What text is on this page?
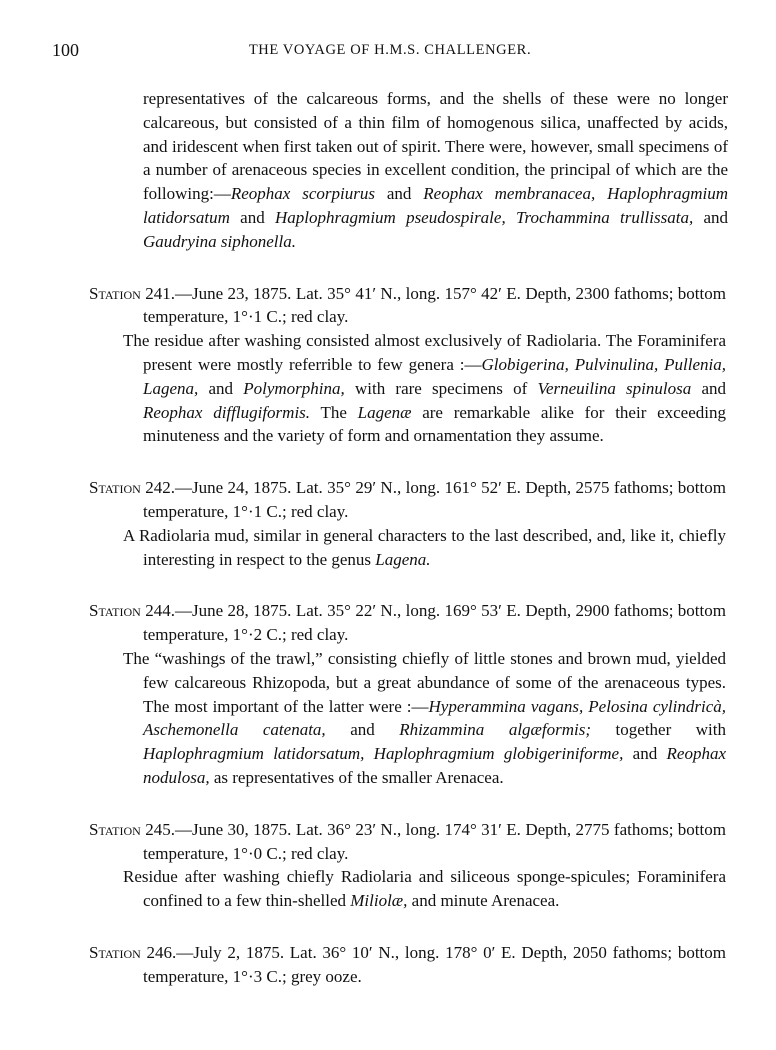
100	THE VOYAGE OF H.M.S. CHALLENGER.

representatives of the calcareous forms, and the shells of these were no longer calcareous, but consisted of a thin film of homogenous silica, unaffected by acids, and iridescent when first taken out of spirit. There were, however, small specimens of a number of arenaceous species in excellent condition, the principal of which are the following:—Reophax scorpiurus and Reophax membranacea, Haplophragmium latidorsatum and Haplophragmium pseudospirale, Trochammina trullissata, and Gaudryina siphonella.

Station 241.—June 23, 1875. Lat. 35° 41′ N., long. 157° 42′ E. Depth, 2300 fathoms; bottom temperature, 1°·1 C.; red clay.

The residue after washing consisted almost exclusively of Radiolaria. The Foraminifera present were mostly referrible to few genera :—Globigerina, Pulvinulina, Pullenia, Lagena, and Polymorphina, with rare specimens of Verneuilina spinulosa and Reophax difflugiformis. The Lagenæ are remarkable alike for their exceeding minuteness and the variety of form and ornamentation they assume.

Station 242.—June 24, 1875. Lat. 35° 29′ N., long. 161° 52′ E. Depth, 2575 fathoms; bottom temperature, 1°·1 C.; red clay.

A Radiolaria mud, similar in general characters to the last described, and, like it, chiefly interesting in respect to the genus Lagena.

Station 244.—June 28, 1875. Lat. 35° 22′ N., long. 169° 53′ E. Depth, 2900 fathoms; bottom temperature, 1°·2 C.; red clay.

The “washings of the trawl,” consisting chiefly of little stones and brown mud, yielded few calcareous Rhizopoda, but a great abundance of some of the arenaceous types. The most important of the latter were :—Hyperammina vagans, Pelosina cylindricà, Aschemonella catenata, and Rhizammina algæformis; together with Haplophragmium latidorsatum, Haplophragmium globigeriniforme, and Reophax nodulosa, as representatives of the smaller Arenacea.

Station 245.—June 30, 1875. Lat. 36° 23′ N., long. 174° 31′ E. Depth, 2775 fathoms; bottom temperature, 1°·0 C.; red clay.

Residue after washing chiefly Radiolaria and siliceous sponge-spicules; Foraminifera confined to a few thin-shelled Miliolæ, and minute Arenacea.

Station 246.—July 2, 1875. Lat. 36° 10′ N., long. 178° 0′ E. Depth, 2050 fathoms; bottom temperature, 1°·3 C.; grey ooze.
